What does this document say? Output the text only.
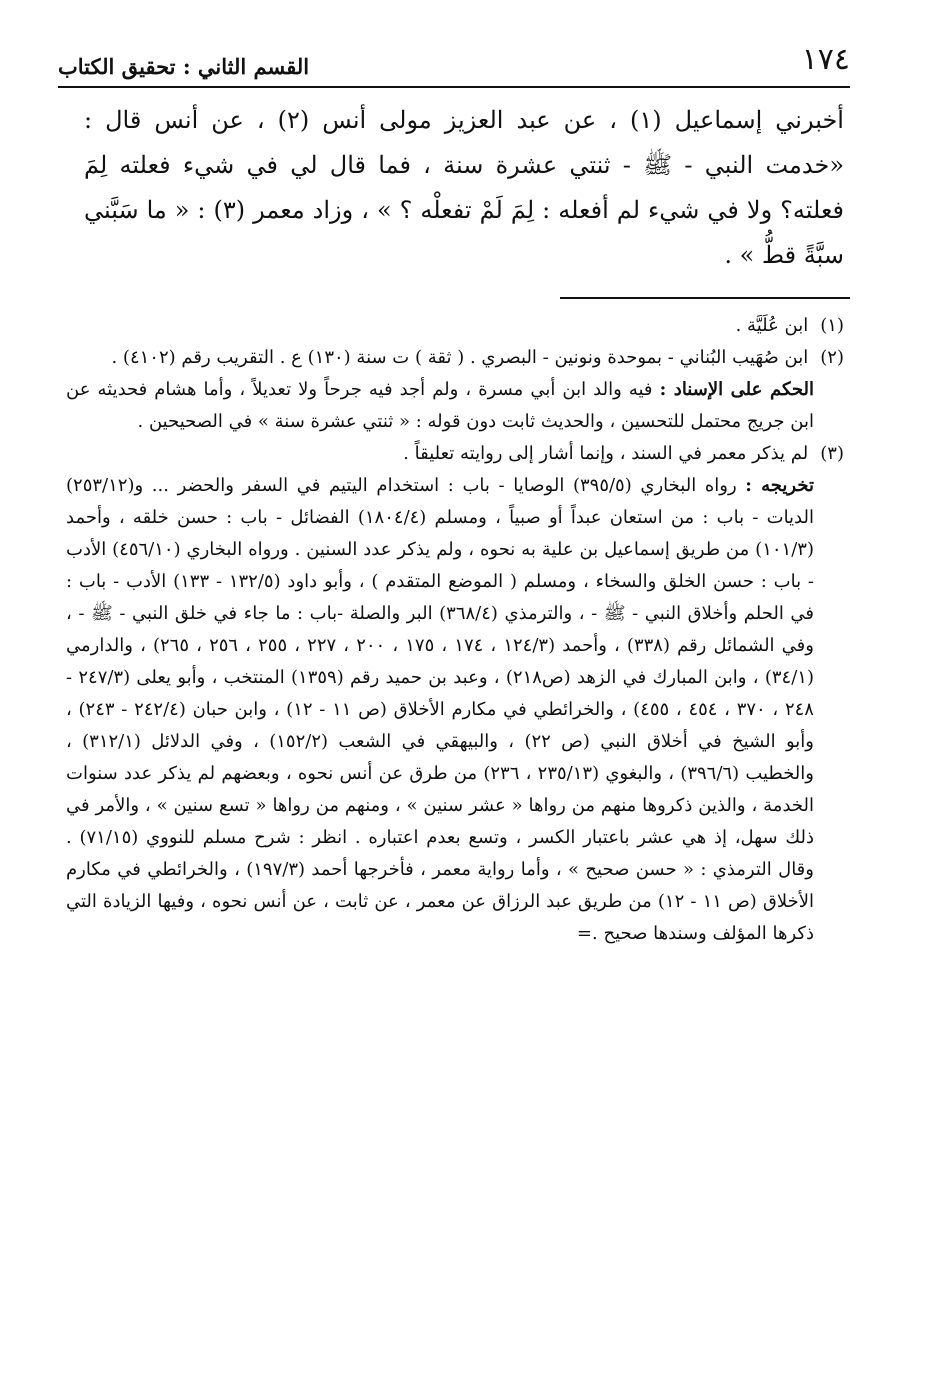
١٧٤
القسم الثاني : تحقيق الكتاب

أخبرني إسماعيل (١) ، عن عبد العزيز مولى أنس (٢) ، عن أنس قال : «خدمت النبي - ﷺ - ثنتي عشرة سنة ، فما قال لي في شيء فعلته لِمَ فعلته؟ ولا في شيء لم أفعله : لِمَ لَمْ تفعلْه ؟ » ، وزاد معمر (٣) : « ما سَبَّني سبَّةً قطُّ » .

(١) ابن عُلَيَّة .

(٢) ابن صُهَيب البُناني - بموحدة ونونين - البصري . ( ثقة ) ت سنة (١٣٠) ع . التقريب رقم (٤١٠٢) .

الحكم على الإسناد : فيه والد ابن أبي مسرة ، ولم أجد فيه جرحاً ولا تعديلاً ، وأما هشام فحديثه عن ابن جريج محتمل للتحسين ، والحديث ثابت دون قوله : « ثنتي عشرة سنة » في الصحيحين .

(٣) لم يذكر معمر في السند ، وإنما أشار إلى روايته تعليقاً .

تخريجه : رواه البخاري (٣٩٥/٥) الوصايا - باب : استخدام اليتيم في السفر والحضر ... و(٢٥٣/١٢) الديات - باب : من استعان عبداً أو صبياً ، ومسلم (١٨٠٤/٤) الفضائل - باب : حسن خلقه ، وأحمد (١٠١/٣) من طريق إسماعيل بن علية به نحوه ، ولم يذكر عدد السنين . ورواه البخاري (٤٥٦/١٠) الأدب - باب : حسن الخلق والسخاء ، ومسلم ( الموضع المتقدم ) ، وأبو داود (١٣٢/٥ - ١٣٣) الأدب - باب : في الحلم وأخلاق النبي - ﷺ - ، والترمذي (٣٦٨/٤) البر والصلة -باب : ما جاء في خلق النبي - ﷺ - ، وفي الشمائل رقم (٣٣٨) ، وأحمد (١٢٤/٣ ، ١٧٤ ، ١٧٥ ، ٢٠٠ ، ٢٢٧ ، ٢٥٥ ، ٢٥٦ ، ٢٦٥) ، والدارمي (٣٤/١) ، وابن المبارك في الزهد (ص٢١٨) ، وعبد بن حميد رقم (١٣٥٩) المنتخب ، وأبو يعلى (٢٤٧/٣ - ٢٤٨ ، ٣٧٠ ، ٤٥٤ ، ٤٥٥) ، والخرائطي في مكارم الأخلاق (ص ١١ - ١٢) ، وابن حبان (٢٤٢/٤ - ٢٤٣) ، وأبو الشيخ في أخلاق النبي (ص ٢٢) ، والبيهقي في الشعب (١٥٢/٢) ، وفي الدلائل (٣١٢/١) ، والخطيب (٣٩٦/٦) ، والبغوي (٢٣٥/١٣ ، ٢٣٦) من طرق عن أنس نحوه ، وبعضهم لم يذكر عدد سنوات الخدمة ، والذين ذكروها منهم من رواها « عشر سنين » ، ومنهم من رواها « تسع سنين » ، والأمر في ذلك سهل، إذ هي عشر باعتبار الكسر ، وتسع بعدم اعتباره . انظر : شرح مسلم للنووي (٧١/١٥) . وقال الترمذي : « حسن صحيح » ، وأما رواية معمر ، فأخرجها أحمد (١٩٧/٣) ، والخرائطي في مكارم الأخلاق (ص ١١ - ١٢) من طريق عبد الرزاق عن معمر ، عن ثابت ، عن أنس نحوه ، وفيها الزيادة التي ذكرها المؤلف وسندها صحيح .=
